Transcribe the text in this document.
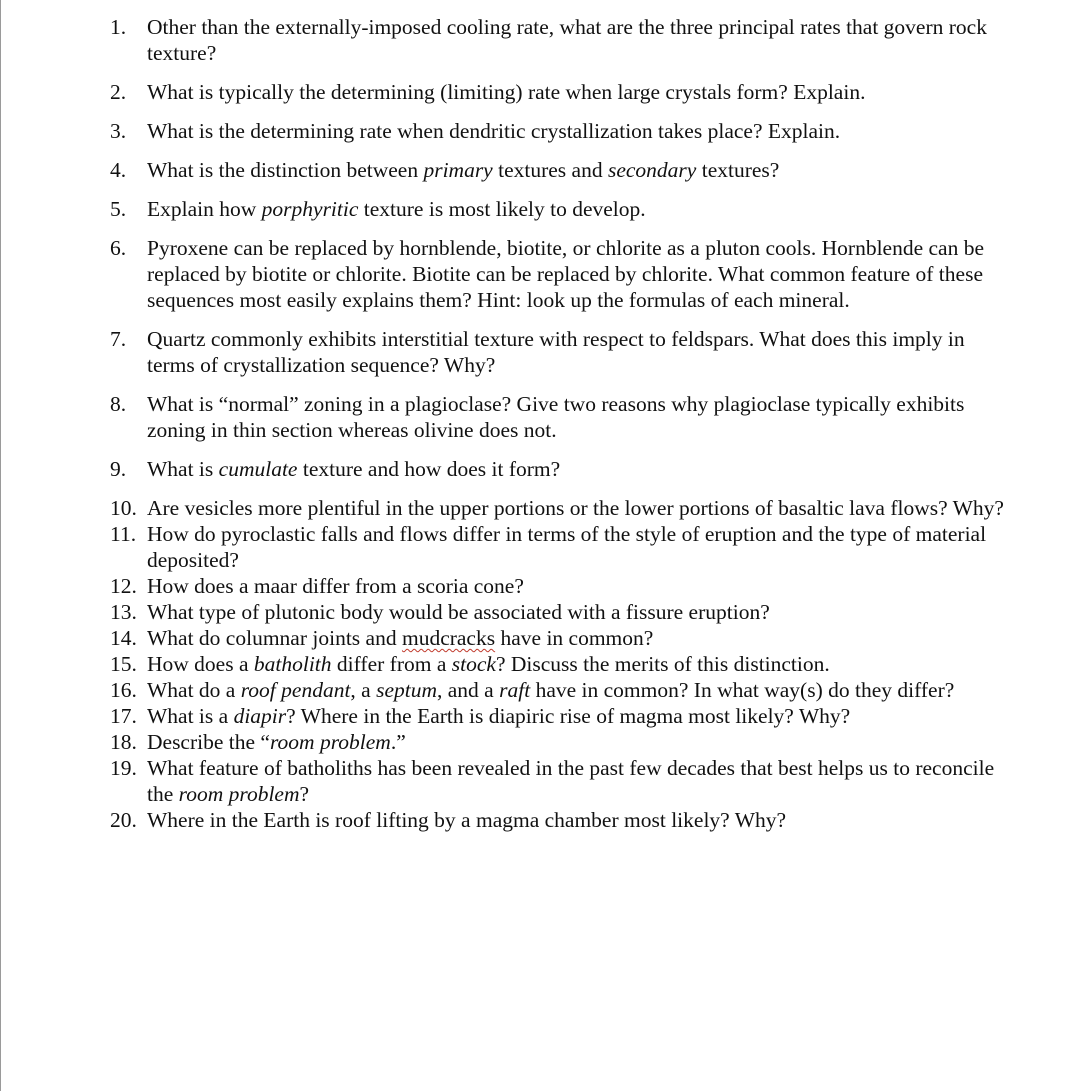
1. Other than the externally-imposed cooling rate, what are the three principal rates that govern rock texture?
2. What is typically the determining (limiting) rate when large crystals form? Explain.
3. What is the determining rate when dendritic crystallization takes place? Explain.
4. What is the distinction between primary textures and secondary textures?
5. Explain how porphyritic texture is most likely to develop.
6. Pyroxene can be replaced by hornblende, biotite, or chlorite as a pluton cools. Hornblende can be replaced by biotite or chlorite. Biotite can be replaced by chlorite. What common feature of these sequences most easily explains them? Hint: look up the formulas of each mineral.
7. Quartz commonly exhibits interstitial texture with respect to feldspars. What does this imply in terms of crystallization sequence? Why?
8. What is “normal” zoning in a plagioclase? Give two reasons why plagioclase typically exhibits zoning in thin section whereas olivine does not.
9. What is cumulate texture and how does it form?
10. Are vesicles more plentiful in the upper portions or the lower portions of basaltic lava flows? Why?
11. How do pyroclastic falls and flows differ in terms of the style of eruption and the type of material deposited?
12. How does a maar differ from a scoria cone?
13. What type of plutonic body would be associated with a fissure eruption?
14. What do columnar joints and mudcracks have in common?
15. How does a batholith differ from a stock? Discuss the merits of this distinction.
16. What do a roof pendant, a septum, and a raft have in common? In what way(s) do they differ?
17. What is a diapir? Where in the Earth is diapiric rise of magma most likely? Why?
18. Describe the “room problem.”
19. What feature of batholiths has been revealed in the past few decades that best helps us to reconcile the room problem?
20. Where in the Earth is roof lifting by a magma chamber most likely? Why?
